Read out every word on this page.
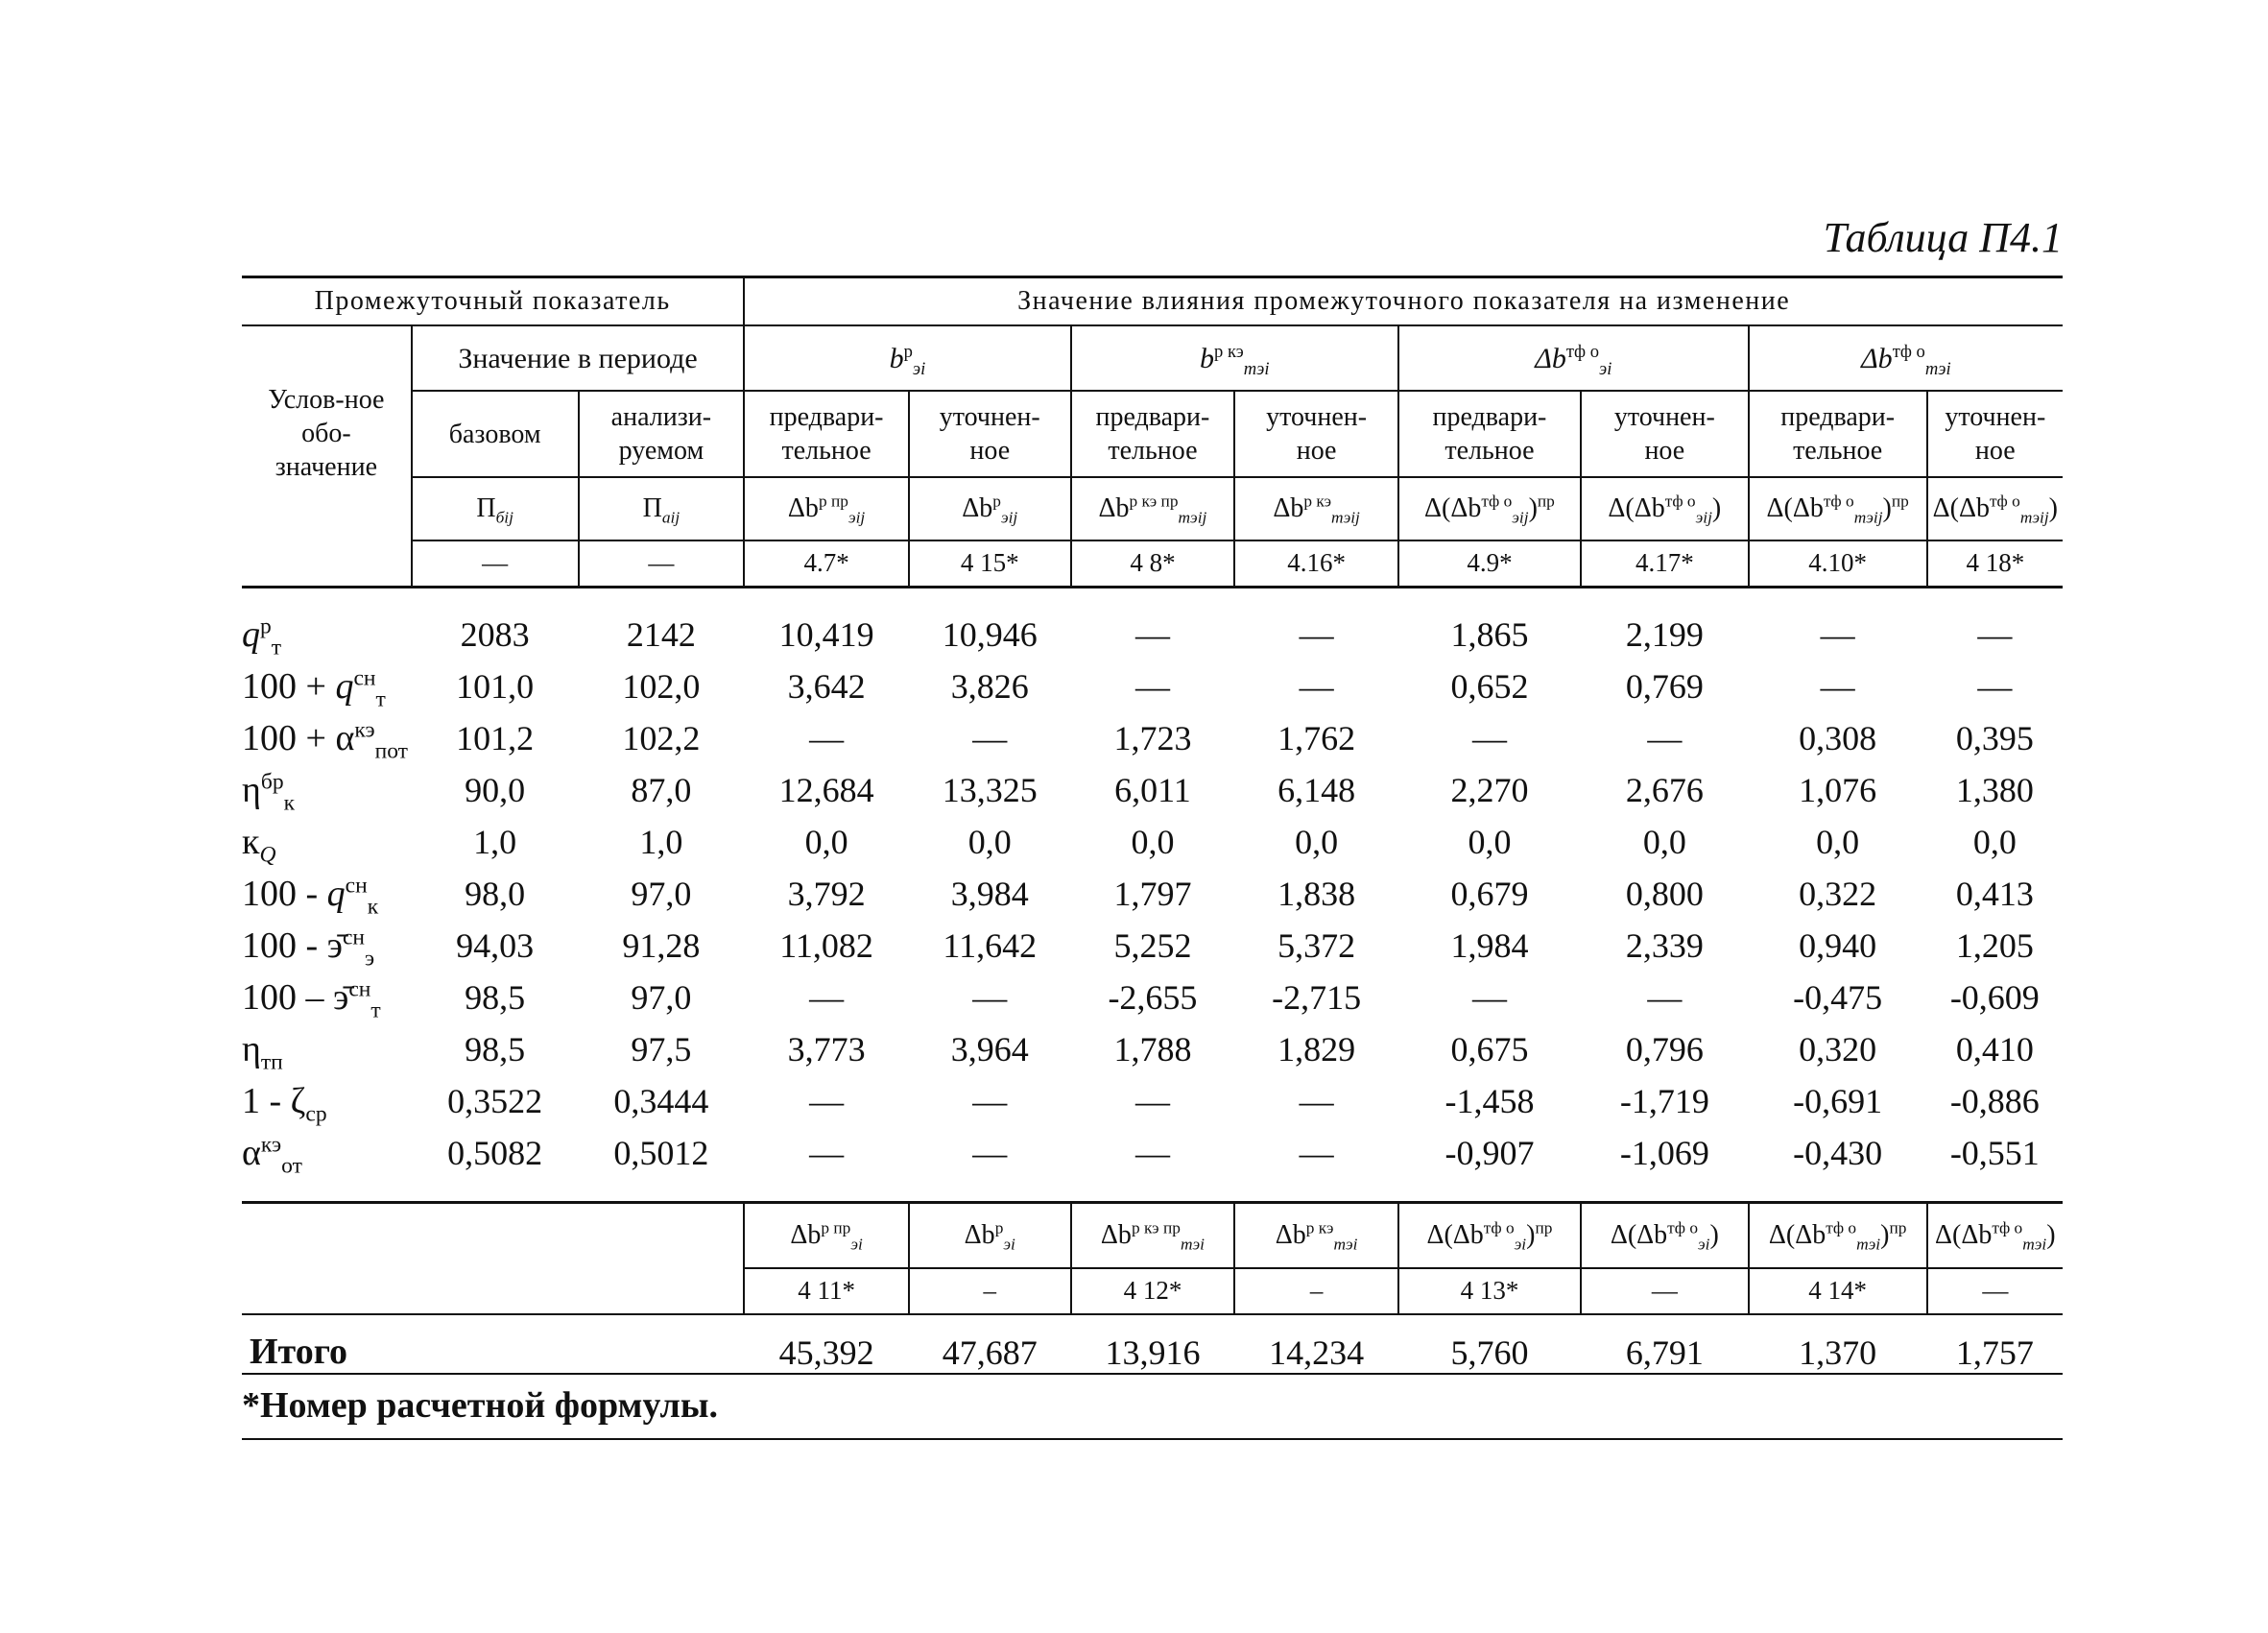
Таблица П4.1
Промежуточный показатель			Значение влияния промежуточного показателя на изменение							
Услов-ное обо-значение	Значение в периоде		$b^р_{эi}$		$b^{р кэ}_{тэi}$		$\Delta b^{тф о}_{эi}$		$\Delta b^{тф о}_{тэi}$
	базовом	анализи-руемом	предвари-тельное	уточнен-ное	предвари-тельное	уточнен-ное	предвари-тельное	уточнен-ное	предвари-тельное	уточнен-ное
	$П_{бij}$	$П_{аij}$	$\Delta b^{р пр}_{эij}$	$\Delta b^р_{эij}$	$\Delta b^{р кэ пр}_{тэij}$	$\Delta b^{р кэ}_{тэij}$	$\Delta(\Delta b^{тф о}_{эij})^{пр}$	$\Delta(\Delta b^{тф о}_{эij})$	$\Delta(\Delta b^{тф о}_{тэij})^{пр}$	$\Delta(\Delta b^{тф о}_{тэij})$
	—	—	4.7*	4 15*	4 8*	4.16*	4.9*	4.17*	4.10*	4 18*

$q^р_т$	2083	2142	10,419	10,946	—	—	1,865	2,199	—	—
$100 + q^{сн}_т$	101,0	102,0	3,642	3,826	—	—	0,652	0,769	—	—
$100 + \alpha^{кэ}_{пот}$	101,2	102,2	—	—	1,723	1,762	—	—	0,308	0,395
$\eta^{бр}_к$	90,0	87,0	12,684	13,325	6,011	6,148	2,270	2,676	1,076	1,380
$к_Q$	1,0	1,0	0,0	0,0	0,0	0,0	0,0	0,0	0,0	0,0
$100 - q^{сн}_к$	98,0	97,0	3,792	3,984	1,797	1,838	0,679	0,800	0,322	0,413
100 - э̄$^{сн}_э$	94,03	91,28	11,082	11,642	5,252	5,372	1,984	2,339	0,940	1,205
100 – э̄$^{сн}_т$	98,5	97,0	—	—	-2,655	-2,715	—	—	-0,475	-0,609
$\eta_{тп}$	98,5	97,5	3,773	3,964	1,788	1,829	0,675	0,796	0,320	0,410
$1 - \zeta_{ср}$	0,3522	0,3444	—	—	—	—	-1,458	-1,719	-0,691	-0,886
$\alpha^{кэ}_{от}$	0,5082	0,5012	—	—	—	—	-0,907	-1,069	-0,430	-0,551

			$\Delta b^{р пр}_{эi}$	$\Delta b^р_{эi}$	$\Delta b^{р кэ пр}_{тэi}$	$\Delta b^{р кэ}_{тэi}$	$\Delta(\Delta b^{тф о}_{эi})^{пр}$	$\Delta(\Delta b^{тф о}_{эi})$	$\Delta(\Delta b^{тф о}_{тэi})^{пр}$	$\Delta(\Delta b^{тф о}_{тэi})$
			4 11*	–	4 12*	–	4 13*	—	4 14*	—
Итого			45,392	47,687	13,916	14,234	5,760	6,791	1,370	1,757
*Номер расчетной формулы.										
